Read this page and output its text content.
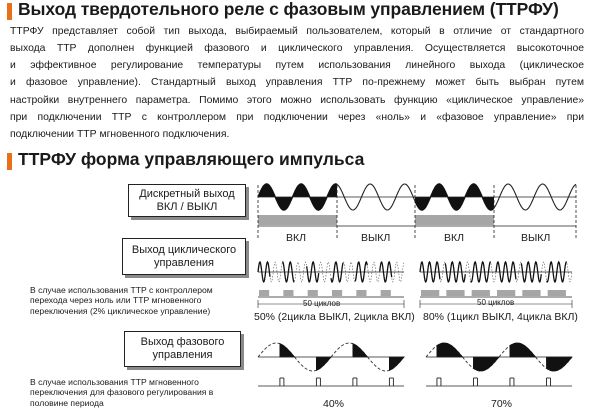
Выход твердотельного реле с фазовым управлением (ТТРФУ)
ТТРФУ представляет собой тип выхода, выбираемый пользователем, который в отличие от стандартного
выхода ТТР дополнен функцией фазового и циклического управления. Осуществляется высокоточное
и эффективное регулирование температуры путем использования линейного выхода (циклическое
и фазовое управление). Стандартный выход управления ТТР по-прежнему может быть выбран путем
настройки внутреннего параметра. Помимо этого можно использовать функцию «циклическое управление»
при подключении ТТР с контроллером при подключении через «ноль» и «фазовое управление» при
подключении ТТР мгновенного подключения.
ТТРФУ форма управляющего импульса
Дискретный выход
ВКЛ / ВЫКЛ
ВКЛ	ВЫКЛ	ВКЛ	ВЫКЛ
Выход циклического
управления
В случае использования ТТР с контроллером
перехода через ноль или ТТР мгновенного
переключения (2% циклическое управление)
50 циклов	50 циклов
50% (2цикла ВЫКЛ, 2цикла ВКЛ) 80% (1цикл ВЫКЛ, 4цикла ВКЛ)
Выход фазового
управления
В случае использования ТТР мгновенного
переключения для фазового регулирования в
половине периода	40%	70%
